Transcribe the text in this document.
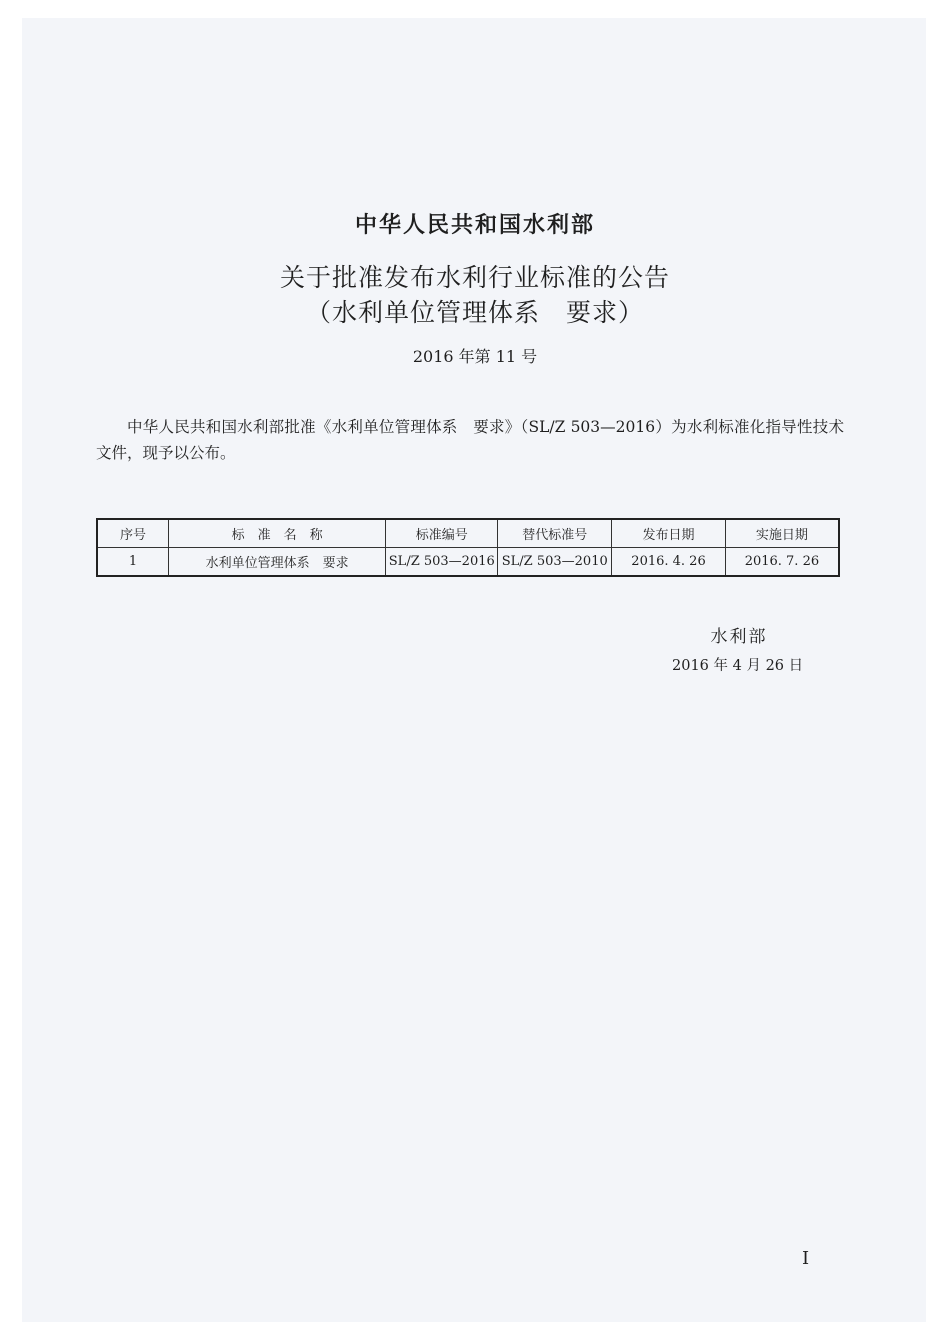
中华人民共和国水利部
关于批准发布水利行业标准的公告
（水利单位管理体系　要求）
2016 年第 11 号
中华人民共和国水利部批准《水利单位管理体系　要求》（SL/Z 503—2016）为水利标准化指导性技术文件，现予以公布。
序号	标　准　名　称	标准编号	替代标准号	发布日期	实施日期
1	水利单位管理体系　要求	SL/Z 503—2016	SL/Z 503—2010	2016. 4. 26	2016. 7. 26
水利部
2016 年 4 月 26 日
I
